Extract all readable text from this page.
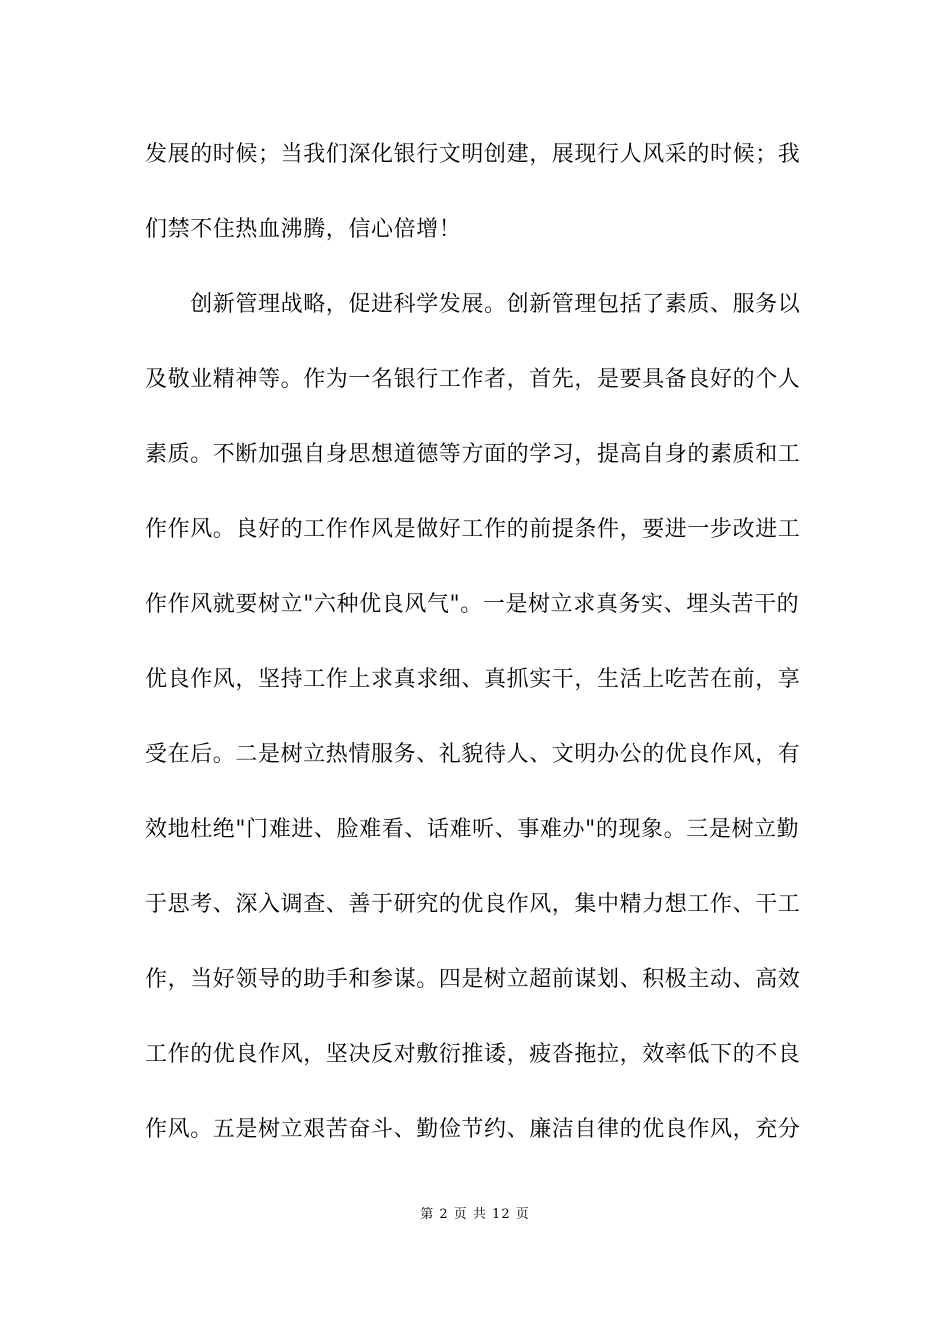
发展的时候；当我们深化银行文明创建，展现行人风采的时候；我
们禁不住热血沸腾，信心倍增！
　　创新管理战略，促进科学发展。创新管理包括了素质、服务以
及敬业精神等。作为一名银行工作者，首先，是要具备良好的个人
素质。不断加强自身思想道德等方面的学习，提高自身的素质和工
作作风。良好的工作作风是做好工作的前提条件，要进一步改进工
作作风就要树立"六种优良风气"。一是树立求真务实、埋头苦干的
优良作风，坚持工作上求真求细、真抓实干，生活上吃苦在前，享
受在后。二是树立热情服务、礼貌待人、文明办公的优良作风，有
效地杜绝"门难进、脸难看、话难听、事难办"的现象。三是树立勤
于思考、深入调查、善于研究的优良作风，集中精力想工作、干工
作，当好领导的助手和参谋。四是树立超前谋划、积极主动、高效
工作的优良作风，坚决反对敷衍推诿，疲沓拖拉，效率低下的不良
作风。五是树立艰苦奋斗、勤俭节约、廉洁自律的优良作风，充分
第 2 页 共 12 页
